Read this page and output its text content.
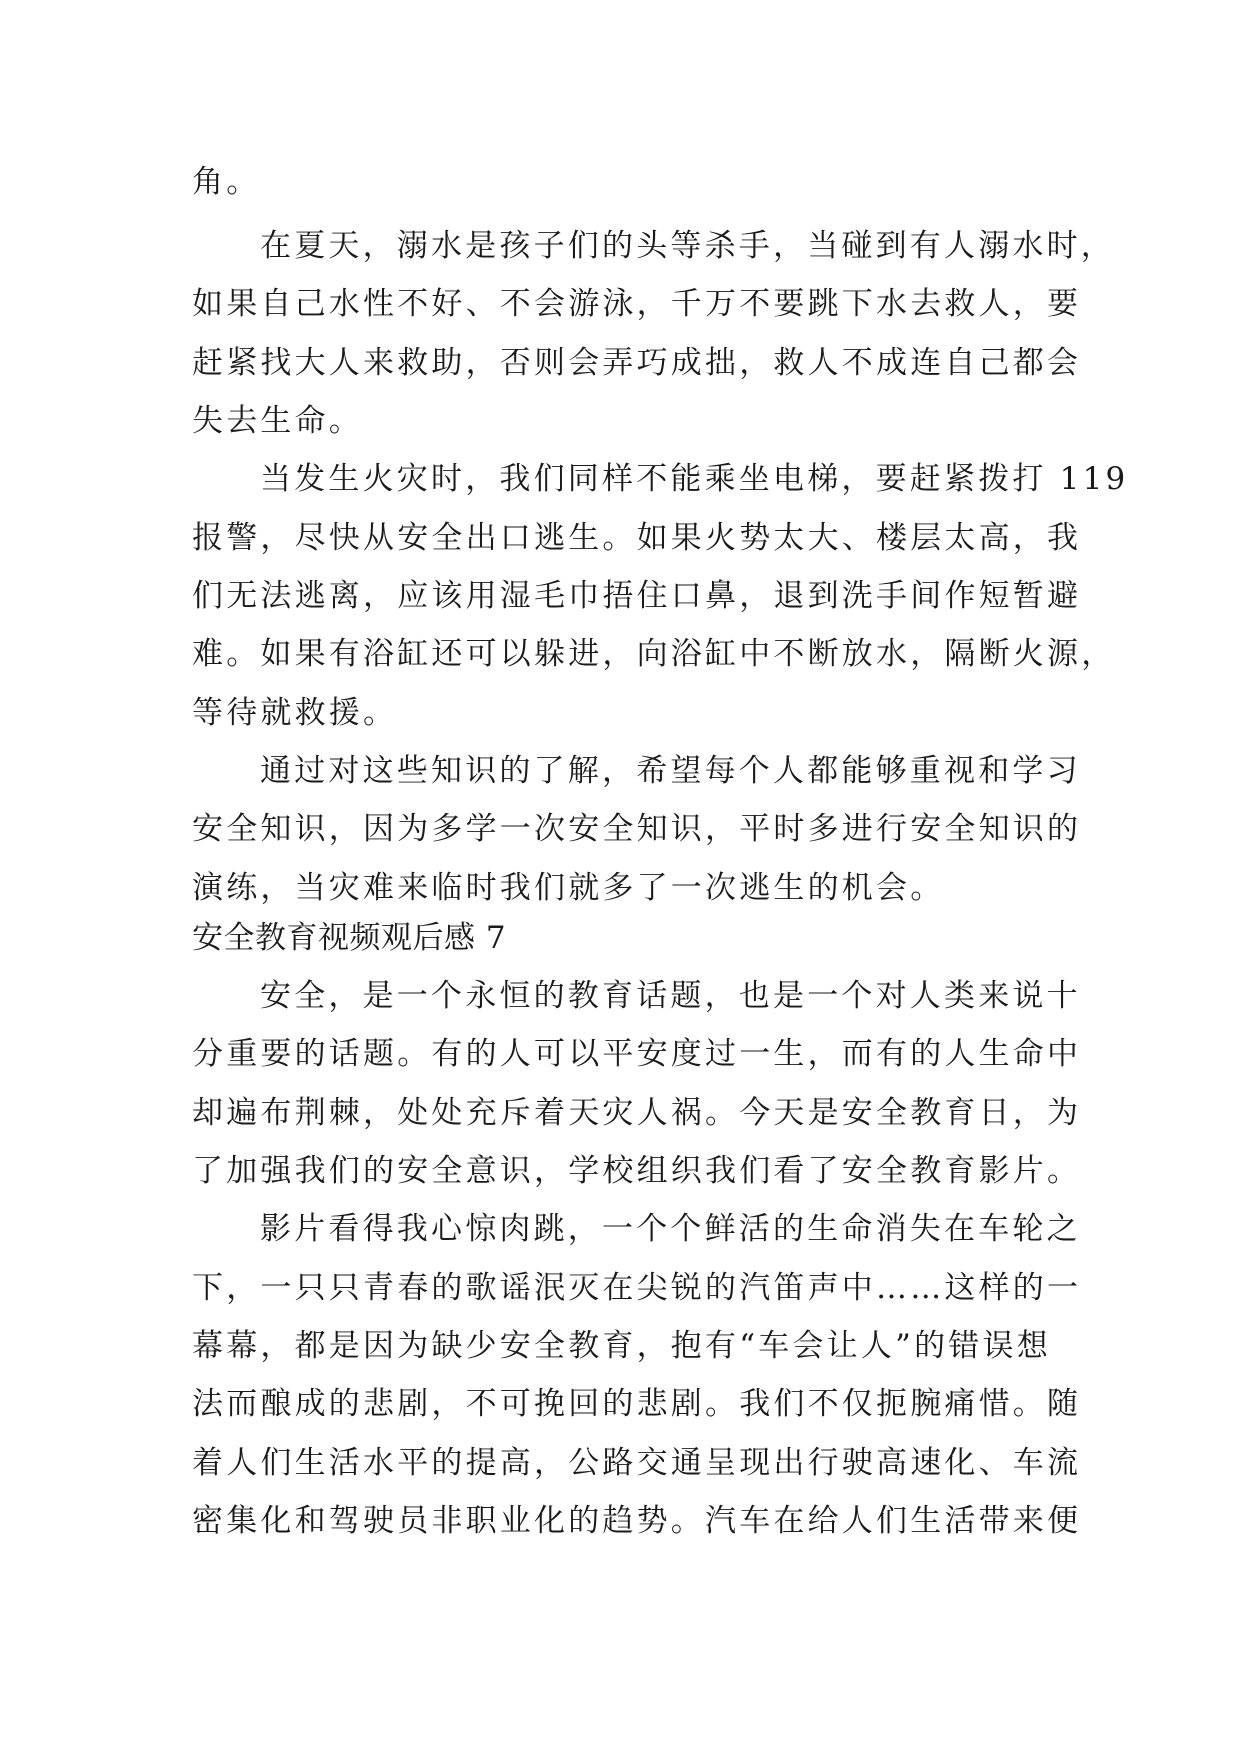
角。
在夏天，溺水是孩子们的头等杀手，当碰到有人溺水时，
如果自己水性不好、不会游泳，千万不要跳下水去救人，要
赶紧找大人来救助，否则会弄巧成拙，救人不成连自己都会
失去生命。
当发生火灾时，我们同样不能乘坐电梯，要赶紧拨打 119
报警，尽快从安全出口逃生。如果火势太大、楼层太高，我
们无法逃离，应该用湿毛巾捂住口鼻，退到洗手间作短暂避
难。如果有浴缸还可以躲进，向浴缸中不断放水，隔断火源，
等待就救援。
通过对这些知识的了解，希望每个人都能够重视和学习
安全知识，因为多学一次安全知识，平时多进行安全知识的
演练，当灾难来临时我们就多了一次逃生的机会。
安全教育视频观后感 7
安全，是一个永恒的教育话题，也是一个对人类来说十
分重要的话题。有的人可以平安度过一生，而有的人生命中
却遍布荆棘，处处充斥着天灾人祸。今天是安全教育日，为
了加强我们的安全意识，学校组织我们看了安全教育影片。
影片看得我心惊肉跳，一个个鲜活的生命消失在车轮之
下，一只只青春的歌谣泯灭在尖锐的汽笛声中……这样的一
幕幕，都是因为缺少安全教育，抱有“车会让人”的错误想
法而酿成的悲剧，不可挽回的悲剧。我们不仅扼腕痛惜。随
着人们生活水平的提高，公路交通呈现出行驶高速化、车流
密集化和驾驶员非职业化的趋势。汽车在给人们生活带来便
